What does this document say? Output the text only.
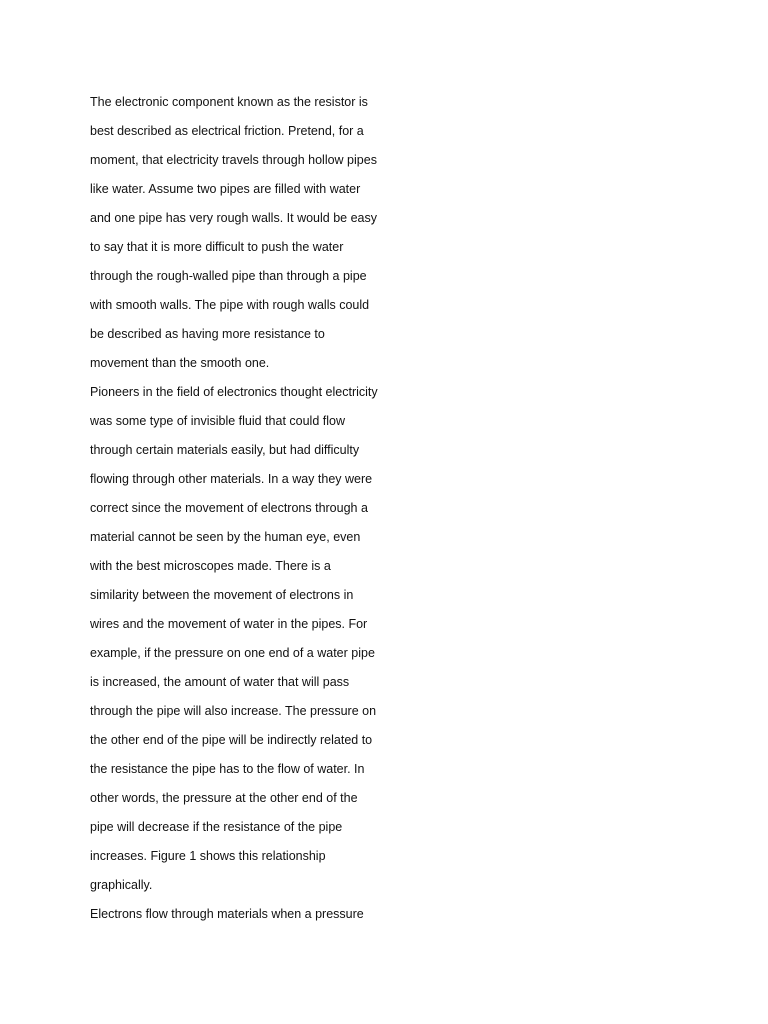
The electronic component known as the resistor is
best described as electrical friction. Pretend, for a
moment, that electricity travels through hollow pipes
like water. Assume two pipes are filled with water
and one pipe has very rough walls. It would be easy
to say that it is more difficult to push the water
through the rough-walled pipe than through a pipe
with smooth walls. The pipe with rough walls could
be described as having more resistance to
movement than the smooth one.
Pioneers in the field of electronics thought electricity
was some type of invisible fluid that could flow
through certain materials easily, but had difficulty
flowing through other materials. In a way they were
correct since the movement of electrons through a
material cannot be seen by the human eye, even
with the best microscopes made. There is a
similarity between the movement of electrons in
wires and the movement of water in the pipes. For
example, if the pressure on one end of a water pipe
is increased, the amount of water that will pass
through the pipe will also increase. The pressure on
the other end of the pipe will be indirectly related to
the resistance the pipe has to the flow of water. In
other words, the pressure at the other end of the
pipe will decrease if the resistance of the pipe
increases. Figure 1 shows this relationship
graphically.
Electrons flow through materials when a pressure
